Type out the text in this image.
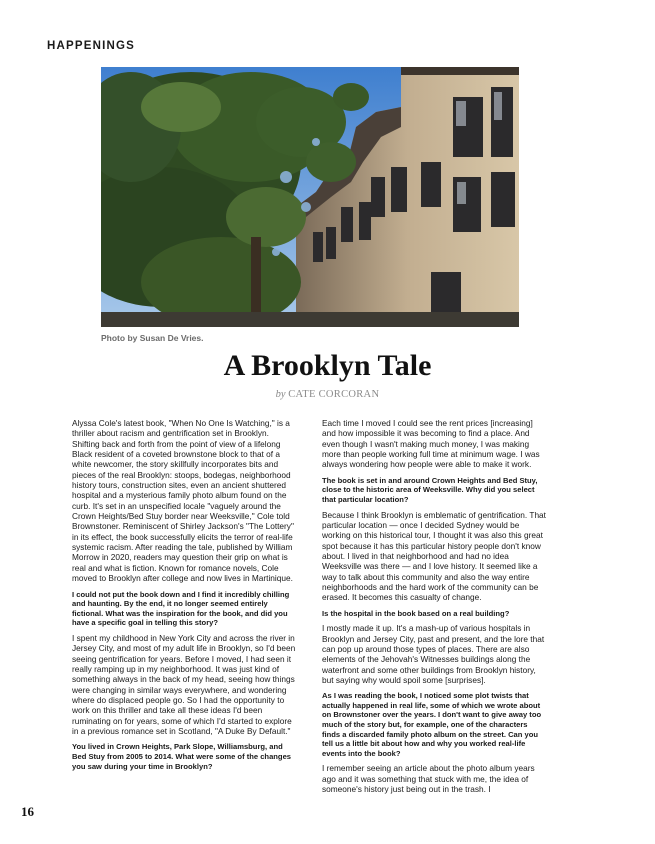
HAPPENINGS
Photo by Susan De Vries.
A Brooklyn Tale
by CATE CORCORAN

Alyssa Cole's latest book, "When No One Is Watching," is a thriller about racism and gentrification set in Brooklyn. Shifting back and forth from the point of view of a lifelong Black resident of a coveted brownstone block to that of a white newcomer, the story skillfully incorporates bits and pieces of the real Brooklyn: stoops, bodegas, neighborhood history tours, construction sites, even an ancient shuttered hospital and a mysterious family photo album found on the curb. It's set in an unspecified locale "vaguely around the Crown Heights/Bed Stuy border near Weeksville," Cole told Brownstoner. Reminiscent of Shirley Jackson's "The Lottery" in its effect, the book successfully elicits the terror of real-life systemic racism. After reading the tale, published by William Morrow in 2020, readers may question their grip on what is real and what is fiction. Known for romance novels, Cole moved to Brooklyn after college and now lives in Martinique.

I could not put the book down and I find it incredibly chilling and haunting. By the end, it no longer seemed entirely fictional. What was the inspiration for the book, and did you have a specific goal in telling this story?

I spent my childhood in New York City and across the river in Jersey City, and most of my adult life in Brooklyn, so I'd been seeing gentrification for years. Before I moved, I had seen it really ramping up in my neighborhood. It was just kind of something always in the back of my head, seeing how things were changing in similar ways everywhere, and wondering where do displaced people go. So I had the opportunity to work on this thriller and take all these ideas I'd been ruminating on for years, some of which I'd started to explore in a previous romance set in Scotland, "A Duke By Default."

You lived in Crown Heights, Park Slope, Williamsburg, and Bed Stuy from 2005 to 2014. What were some of the changes you saw during your time in Brooklyn?

Each time I moved I could see the rent prices [increasing] and how impossible it was becoming to find a place. And even though I wasn't making much money, I was making more than people working full time at minimum wage. I was always wondering how people were able to make it work.

The book is set in and around Crown Heights and Bed Stuy, close to the historic area of Weeksville. Why did you select that particular location?

Because I think Brooklyn is emblematic of gentrification. That particular location — once I decided Sydney would be working on this historical tour, I thought it was also this great spot because it has this particular history people don't know about. I lived in that neighborhood and had no idea Weeksville was there — and I love history. It seemed like a way to talk about this community and also the way entire neighborhoods and the hard work of the community can be erased. It becomes this casualty of change.

Is the hospital in the book based on a real building?

I mostly made it up. It's a mash-up of various hospitals in Brooklyn and Jersey City, past and present, and the lore that can pop up around those types of places. There are also elements of the Jehovah's Witnesses buildings along the waterfront and some other buildings from Brooklyn history, but saying why would spoil some [surprises].

As I was reading the book, I noticed some plot twists that actually happened in real life, some of which we wrote about on Brownstoner over the years. I don't want to give away too much of the story but, for example, one of the characters finds a discarded family photo album on the street. Can you tell us a little bit about how and why you worked real-life events into the book?

I remember seeing an article about the photo album years ago and it was something that stuck with me, the idea of someone's history just being out in the trash. I

16
